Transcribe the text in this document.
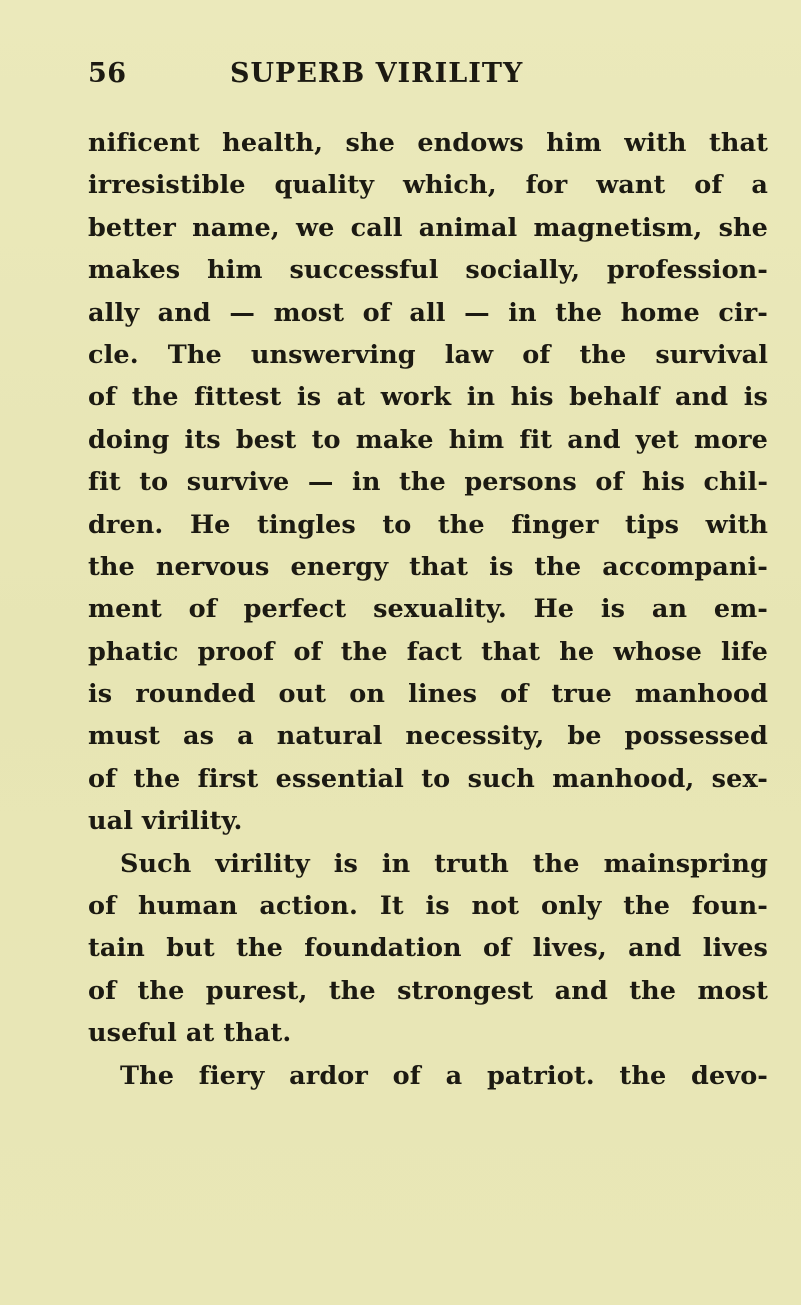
56	SUPERB VIRILITY
nificent health, she endows him with that
irresistible quality which, for want of a
better name, we call animal magnetism, she
makes him successful socially, profession-
ally and — most of all — in the home cir-
cle. The unswerving law of the survival
of the fittest is at work in his behalf and is
doing its best to make him fit and yet more
fit to survive — in the persons of his chil-
dren. He tingles to the finger tips with
the nervous energy that is the accompani-
ment of perfect sexuality. He is an em-
phatic proof of the fact that he whose life
is rounded out on lines of true manhood
must as a natural necessity, be possessed
of the first essential to such manhood, sex-
ual virility.
Such virility is in truth the mainspring
of human action. It is not only the foun-
tain but the foundation of lives, and lives
of the purest, the strongest and the most
useful at that.
The fiery ardor of a patriot. the devo-
